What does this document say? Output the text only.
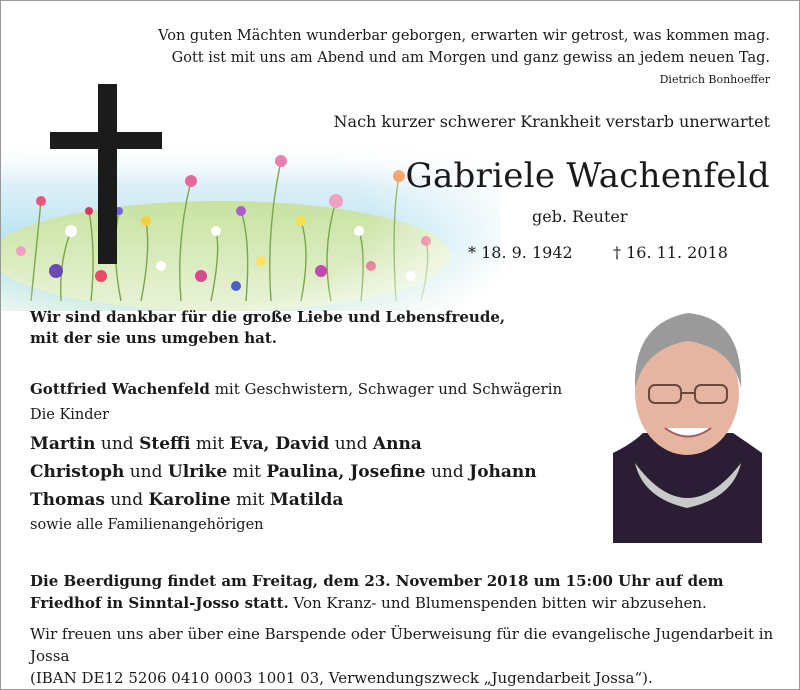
Von guten Mächten wunderbar geborgen, erwarten wir getrost, was kommen mag.
Gott ist mit uns am Abend und am Morgen und ganz gewiss an jedem neuen Tag.
Dietrich Bonhoeffer
Nach kurzer schwerer Krankheit verstarb unerwartet
Gabriele Wachenfeld
geb. Reuter
* 18. 9. 1942	† 16. 11. 2018
Wir sind dankbar für die große Liebe und Lebensfreude,
mit der sie uns umgeben hat.
Gottfried Wachenfeld mit Geschwistern, Schwager und Schwägerin
Die Kinder
Martin und Steffi mit Eva, David und Anna
Christoph und Ulrike mit Paulina, Josefine und Johann
Thomas und Karoline mit Matilda
sowie alle Familienangehörigen
Die Beerdigung findet am Freitag, dem 23. November 2018 um 15:00 Uhr auf dem Friedhof in Sinntal-Josso statt. Von Kranz- und Blumenspenden bitten wir abzusehen.
Wir freuen uns aber über eine Barspende oder Überweisung für die evangelische Jugendarbeit in Jossa
(IBAN DE12 5206 0410 0003 1001 03, Verwendungszweck „Jugendarbeit Jossa“).
